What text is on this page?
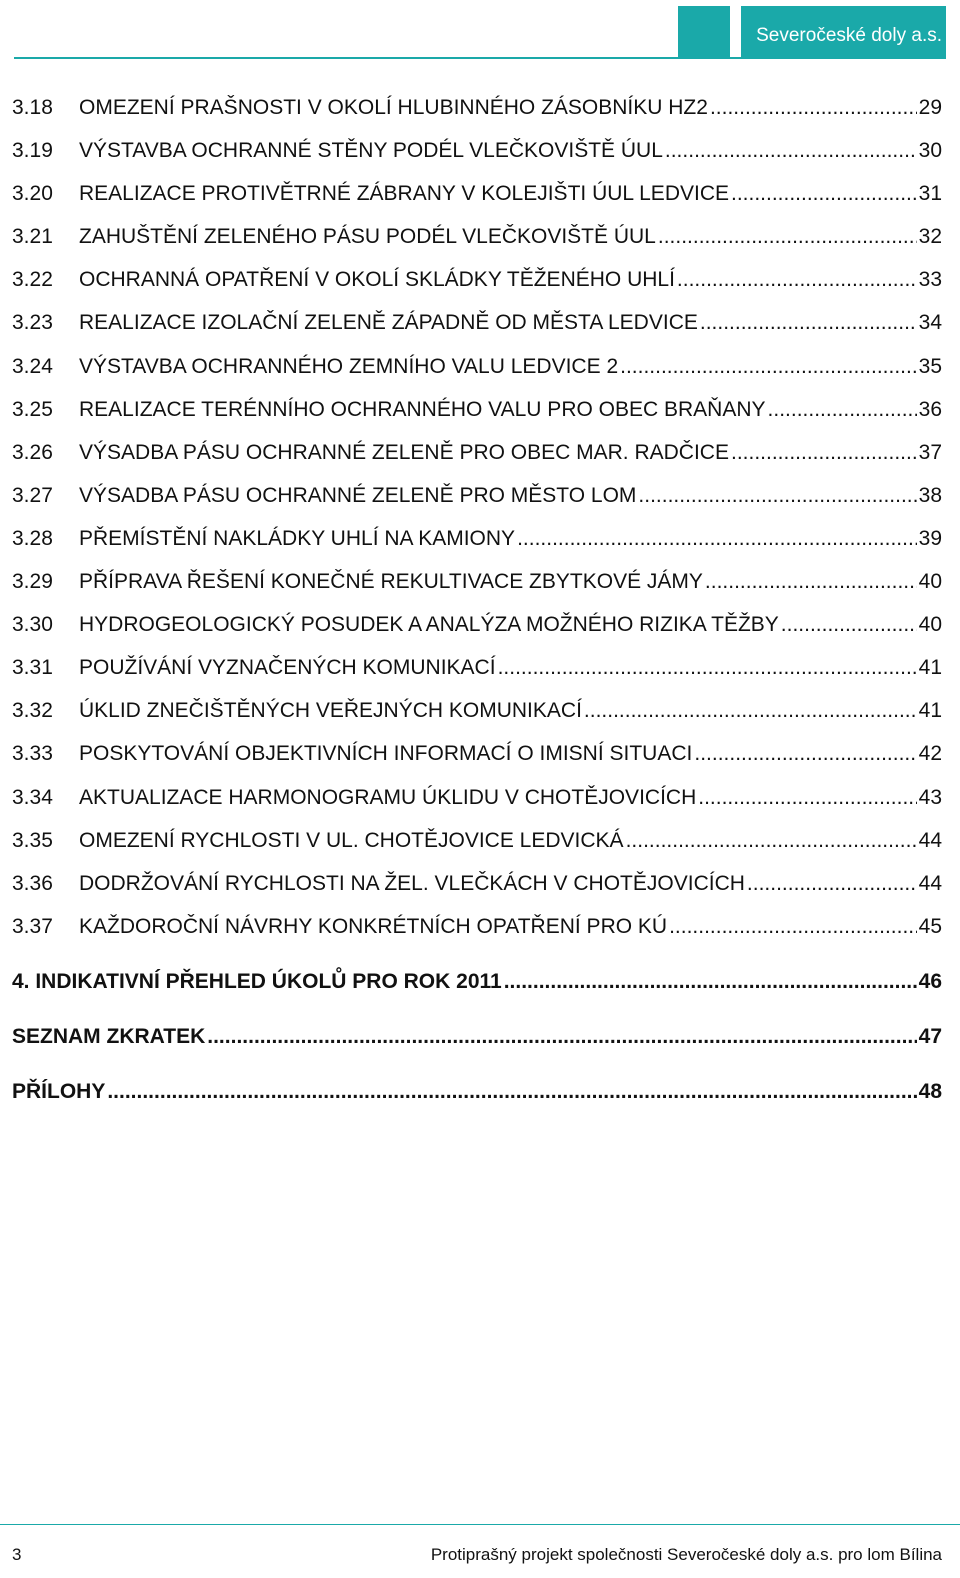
Severočeské doly a.s.
3.18	OMEZENÍ PRAŠNOSTI V OKOLÍ HLUBINNÉHO ZÁSOBNÍKU HZ2 .....	29
3.19	VÝSTAVBA OCHRANNÉ STĚNY PODÉL VLEČKOVIŠTĚ ÚUL .....	30
3.20	REALIZACE PROTIVĚTRNÉ ZÁBRANY V KOLEJIŠTI ÚUL LEDVICE .....	31
3.21	ZAHUŠTĚNÍ ZELENÉHO PÁSU PODÉL VLEČKOVIŠTĚ ÚUL .....	32
3.22	OCHRANNÁ OPATŘENÍ V OKOLÍ SKLÁDKY TĚŽENÉHO UHLÍ .....	33
3.23	REALIZACE IZOLAČNÍ ZELENĚ ZÁPADNĚ OD MĚSTA LEDVICE .....	34
3.24	VÝSTAVBA OCHRANNÉHO ZEMNÍHO VALU LEDVICE 2 .....	35
3.25	REALIZACE TERÉNNÍHO OCHRANNÉHO VALU PRO OBEC BRAŇANY .....	36
3.26	VÝSADBA PÁSU OCHRANNÉ ZELENĚ PRO OBEC MAR. RADČICE .....	37
3.27	VÝSADBA PÁSU OCHRANNÉ ZELENĚ PRO MĚSTO LOM .....	38
3.28	PŘEMÍSTĚNÍ NAKLÁDKY UHLÍ NA KAMIONY .....	39
3.29	PŘÍPRAVA ŘEŠENÍ KONEČNÉ REKULTIVACE ZBYTKOVÉ JÁMY .....	40
3.30	HYDROGEOLOGICKÝ POSUDEK A ANALÝZA MOŽNÉHO RIZIKA TĚŽBY .....	40
3.31	POUŽÍVÁNÍ VYZNAČENÝCH KOMUNIKACÍ .....	41
3.32	ÚKLID ZNEČIŠTĚNÝCH VEŘEJNÝCH KOMUNIKACÍ .....	41
3.33	POSKYTOVÁNÍ OBJEKTIVNÍCH INFORMACÍ O IMISNÍ SITUACI .....	42
3.34	AKTUALIZACE HARMONOGRAMU ÚKLIDU V CHOTĚJOVICÍCH .....	43
3.35	OMEZENÍ RYCHLOSTI V UL. CHOTĚJOVICE LEDVICKÁ .....	44
3.36	DODRŽOVÁNÍ RYCHLOSTI NA ŽEL. VLEČKÁCH V CHOTĚJOVICÍCH .....	44
3.37	KAŽDOROČNÍ NÁVRHY KONKRÉTNÍCH OPATŘENÍ PRO KÚ .....	45
4. INDIKATIVNÍ PŘEHLED ÚKOLŮ PRO ROK 2011 .....	46
SEZNAM ZKRATEK .....	47
PŘÍLOHY .....	48
3	Protiprašný projekt společnosti Severočeské doly a.s. pro lom Bílina
